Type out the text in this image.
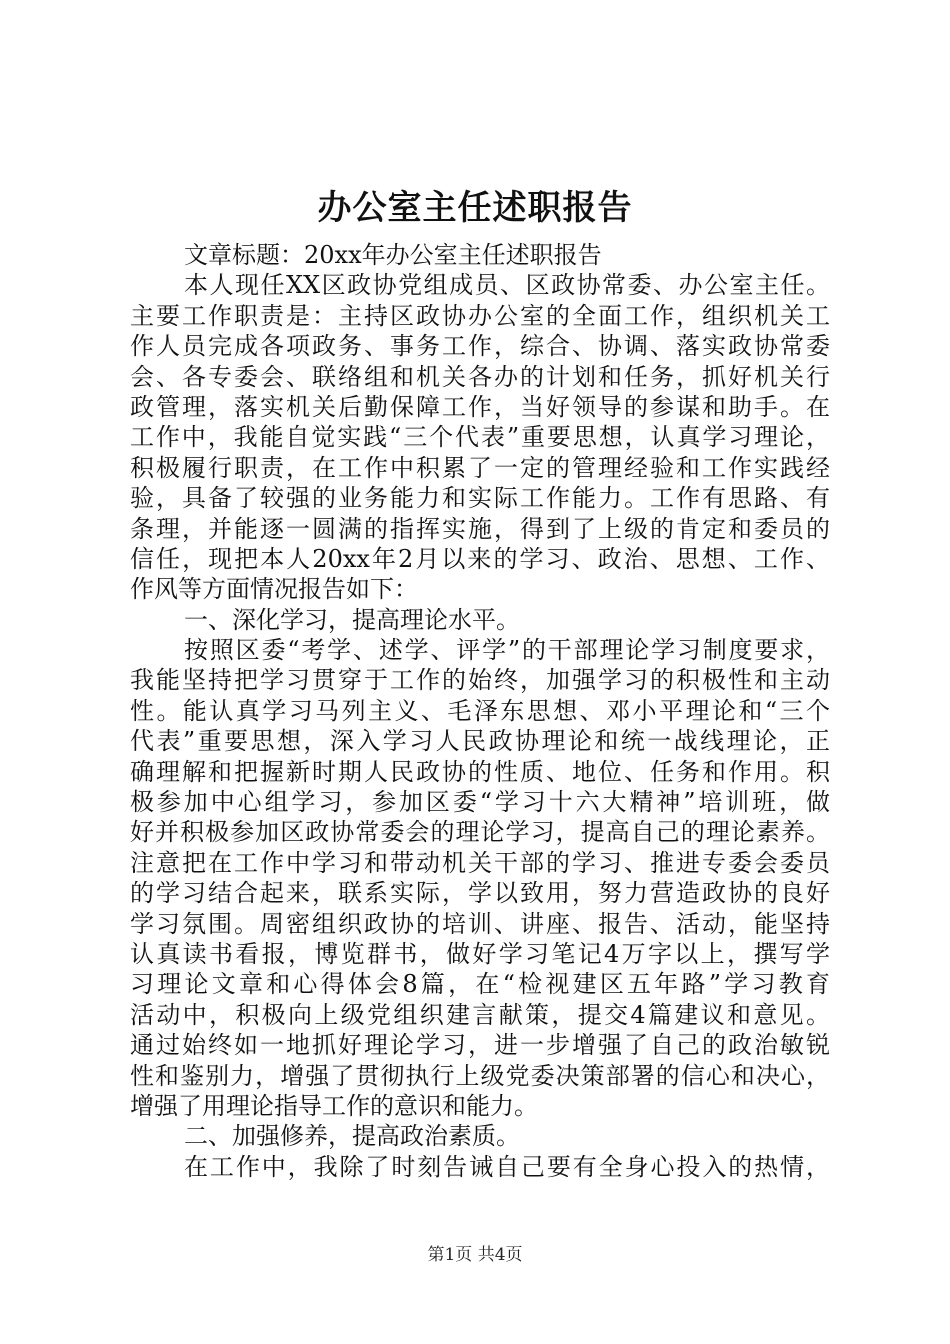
办公室主任述职报告
文章标题：20xx年办公室主任述职报告
本人现任XX区政协党组成员、区政协常委、办公室主任。
主要工作职责是：主持区政协办公室的全面工作，组织机关工
作人员完成各项政务、事务工作，综合、协调、落实政协常委
会、各专委会、联络组和机关各办的计划和任务，抓好机关行
政管理，落实机关后勤保障工作，当好领导的参谋和助手。在
工作中，我能自觉实践“三个代表”重要思想，认真学习理论，
积极履行职责，在工作中积累了一定的管理经验和工作实践经
验，具备了较强的业务能力和实际工作能力。工作有思路、有
条理，并能逐一圆满的指挥实施，得到了上级的肯定和委员的
信任，现把本人20xx年2月以来的学习、政治、思想、工作、
作风等方面情况报告如下：
一、深化学习，提高理论水平。
按照区委“考学、述学、评学”的干部理论学习制度要求，
我能坚持把学习贯穿于工作的始终，加强学习的积极性和主动
性。能认真学习马列主义、毛泽东思想、邓小平理论和“三个
代表”重要思想，深入学习人民政协理论和统一战线理论，正
确理解和把握新时期人民政协的性质、地位、任务和作用。积
极参加中心组学习，参加区委“学习十六大精神”培训班，做
好并积极参加区政协常委会的理论学习，提高自己的理论素养。
注意把在工作中学习和带动机关干部的学习、推进专委会委员
的学习结合起来，联系实际，学以致用，努力营造政协的良好
学习氛围。周密组织政协的培训、讲座、报告、活动，能坚持
认真读书看报，博览群书，做好学习笔记4万字以上，撰写学
习理论文章和心得体会8篇，在“检视建区五年路”学习教育
活动中，积极向上级党组织建言献策，提交4篇建议和意见。
通过始终如一地抓好理论学习，进一步增强了自己的政治敏锐
性和鉴别力，增强了贯彻执行上级党委决策部署的信心和决心，
增强了用理论指导工作的意识和能力。
二、加强修养，提高政治素质。
在工作中，我除了时刻告诫自己要有全身心投入的热情，
第1页 共4页
